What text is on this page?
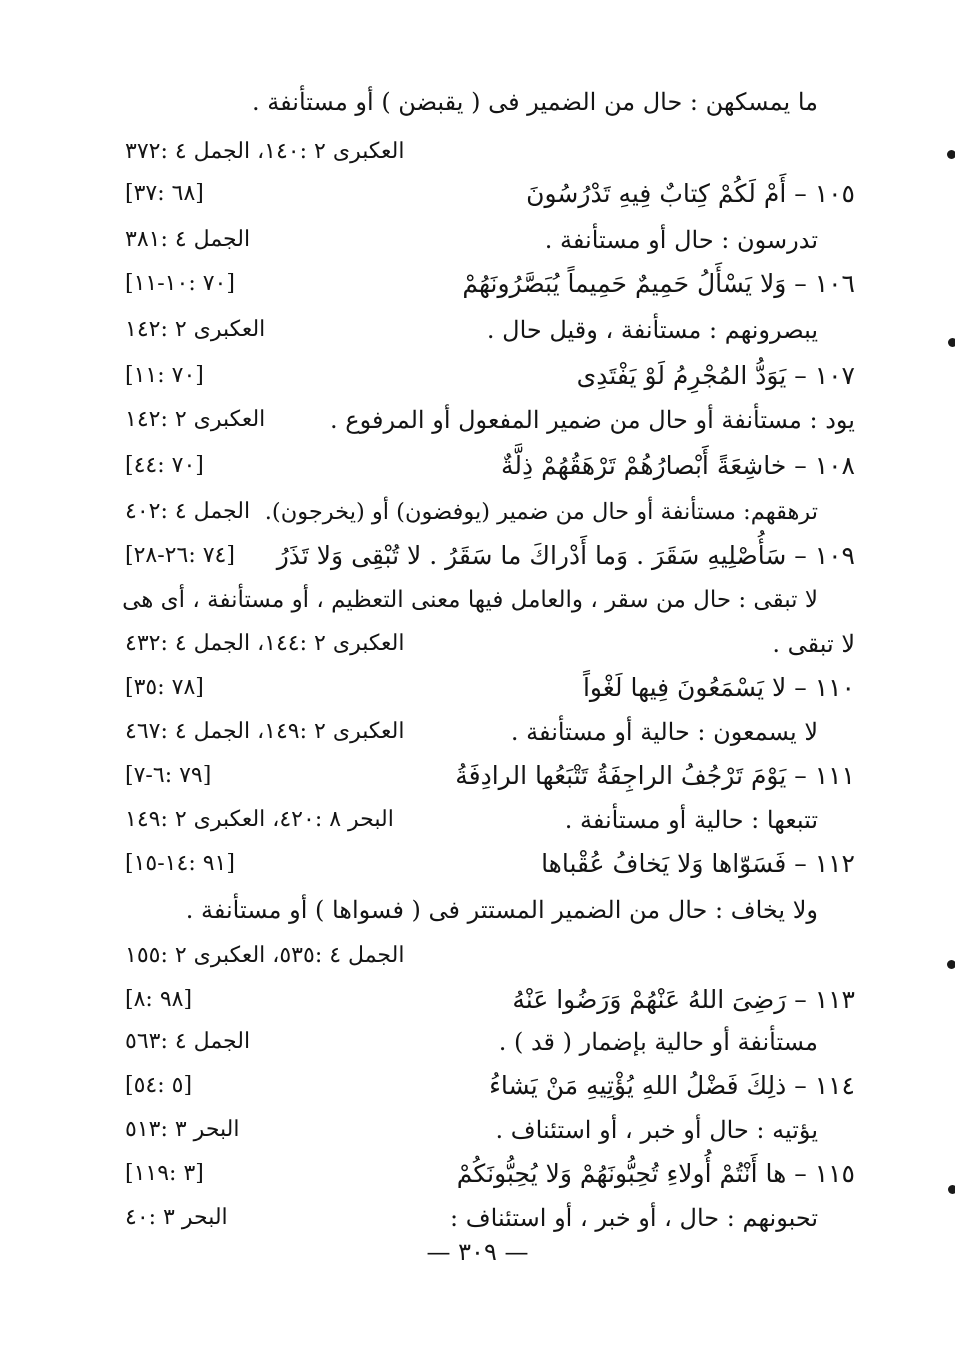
ما يمسكهن : حال من الضمير فى ( يقبضن ) أو مستأنفة .
العكبرى ٢ :١٤٠، الجمل ٤ :٣٧٢
١٠٥ – أَمْ لَكُمْ كِتابٌ فِيهِ تَدْرُسُونَ
[٦٨ :٣٧]
تدرسون : حال أو مستأنفة .
الجمل ٤ :٣٨١
١٠٦ – وَلا يَسْأَلُ حَمِيمٌ حَمِيماً يُبَصَّرُونَهُمْ
[٧٠ :١٠-١١]
يبصرونهم : مستأنفة ، وقيل حال .
العكبرى ٢ :١٤٢
١٠٧ – يَوَدُّ المُجْرِمُ لَوْ يَفْتَدِى
[٧٠ :١١]
يود : مستأنفة أو حال من ضمير المفعول أو المرفوع .
العكبرى ٢ :١٤٢
١٠٨ – خاشِعَةً أَبْصارُهُمْ تَرْهَقُهُمْ ذِلَّةٌ
[٧٠ :٤٤]
ترهقهم: مستأنفة أو حال من ضمير (يوفضون) أو (يخرجون).
الجمل ٤ :٤٠٢
١٠٩ – سَأُصْلِيهِ سَقَرَ . وَما أَدْراكَ ما سَقَرُ . لا تُبْقِى وَلا تَذَرُ
[٧٤ :٢٦-٢٨]
لا تبقى : حال من سقر ، والعامل فيها معنى التعظيم ، أو مستأنفة ، أى هى
لا تبقى .
العكبرى ٢ :١٤٤، الجمل ٤ :٤٣٢
١١٠ – لا يَسْمَعُونَ فِيها لَغْواً
[٧٨ :٣٥]
لا يسمعون : حالية أو مستأنفة .
العكبرى ٢ :١٤٩، الجمل ٤ :٤٦٧
١١١ – يَوْمَ تَرْجُفُ الراجِفَةُ تَتْبَعُها الرادِفَةُ
[٧٩ :٦-٧]
تتبعها : حالية أو مستأنفة .
البحر ٨ :٤٢٠، العكبرى ٢ :١٤٩
١١٢ – فَسَوّاها وَلا يَخافُ عُقْباها
[٩١ :١٤-١٥]
ولا يخاف : حال من الضمير المستتر فى ( فسواها ) أو مستأنفة .
الجمل ٤ :٥٣٥، العكبرى ٢ :١٥٥
١١٣ – رَضِىَ اللهُ عَنْهُمْ وَرَضُوا عَنْهُ
[٩٨ :٨]
مستأنفة أو حالية بإضمار ( قد ) .
الجمل ٤ :٥٦٣
١١٤ – ذلِكَ فَضْلُ اللهِ يُؤْتِيهِ مَنْ يَشاءُ
[٥ :٥٤]
يؤتيه : حال أو خبر ، أو استئناف .
البحر ٣ :٥١٣
١١٥ – ها أَنْتُمْ أُولاءِ تُحِبُّونَهُمْ وَلا يُحِبُّونَكُمْ
[٣ :١١٩]
تحبونهم : حال ، أو خبر ، أو استئناف :
البحر ٣ :٤٠
— ٣٠٩ —
